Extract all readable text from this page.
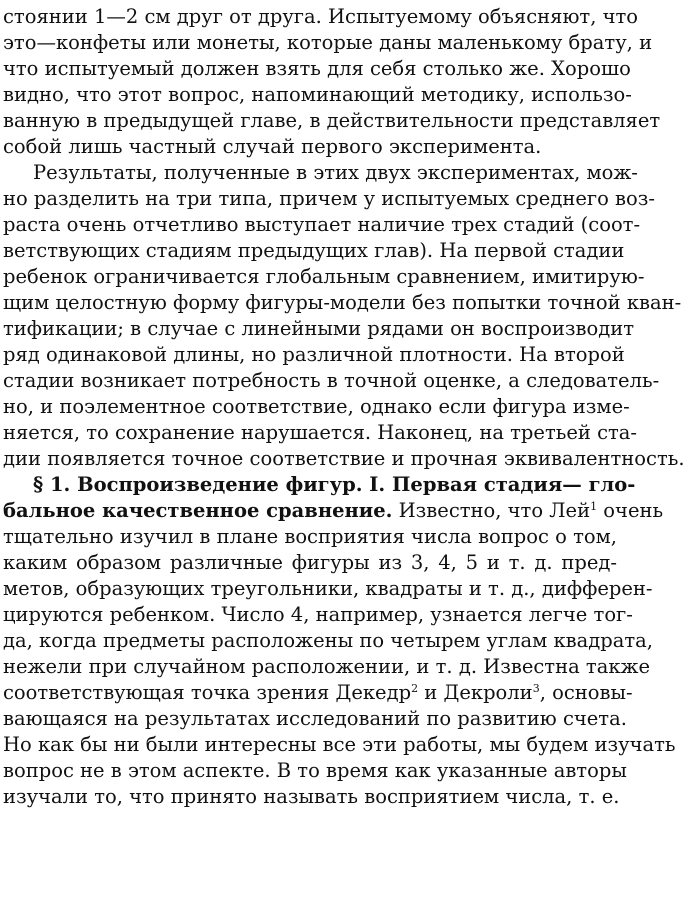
стоянии 1—2 см друг от друга. Испытуемому объясняют, что
это—конфеты или монеты, которые даны маленькому брату, и
что испытуемый должен взять для себя столько же. Хорошо
видно, что этот вопрос, напоминающий методику, использо-
ванную в предыдущей главе, в действительности представляет
собой лишь частный случай первого эксперимента.
Результаты, полученные в этих двух экспериментах, мож-
но разделить на три типа, причем у испытуемых среднего воз-
раста очень отчетливо выступает наличие трех стадий (соот-
ветствующих стадиям предыдущих глав). На первой стадии
ребенок ограничивается глобальным сравнением, имитирую-
щим целостную форму фигуры-модели без попытки точной кван-
тификации; в случае с линейными рядами он воспроизводит
ряд одинаковой длины, но различной плотности. На второй
стадии возникает потребность в точной оценке, а следователь-
но, и поэлементное соответствие, однако если фигура изме-
няется, то сохранение нарушается. Наконец, на третьей ста-
дии появляется точное соответствие и прочная эквивалентность.
§ 1. Воспроизведение фигур. I. Первая стадия— гло-
бальное качественное сравнение. Известно, что Лей$^1$ очень
тщательно изучил в плане восприятия числа вопрос о том,
каким образом различные фигуры из 3, 4, 5 и т. д. пред-
метов, образующих треугольники, квадраты и т. д., дифферен-
цируются ребенком. Число 4, например, узнается легче тог-
да, когда предметы расположены по четырем углам квадрата,
нежели при случайном расположении, и т. д. Известна также
соответствующая точка зрения Декедр$^2$ и Декроли$^3$, основы-
вающаяся на результатах исследований по развитию счета.
Но как бы ни были интересны все эти работы, мы будем изучать
вопрос не в этом аспекте. В то время как указанные авторы
изучали то, что принято называть восприятием числа, т. е.
